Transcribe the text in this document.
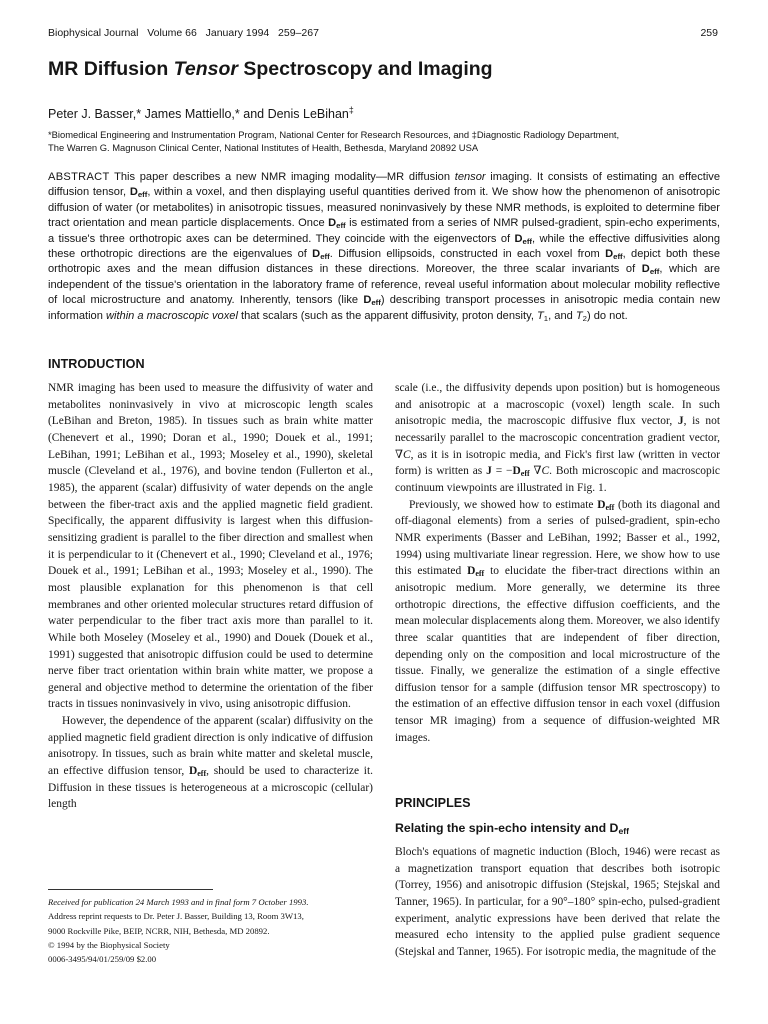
Biophysical Journal Volume 66 January 1994 259–267	259
MR Diffusion Tensor Spectroscopy and Imaging
Peter J. Basser,* James Mattiello,* and Denis LeBihan‡
*Biomedical Engineering and Instrumentation Program, National Center for Research Resources, and ‡Diagnostic Radiology Department,
The Warren G. Magnuson Clinical Center, National Institutes of Health, Bethesda, Maryland 20892 USA

ABSTRACT This paper describes a new NMR imaging modality—MR diffusion tensor imaging. It consists of estimating an effective diffusion tensor, $D_{eff}$, within a voxel, and then displaying useful quantities derived from it. We show how the phenomenon of anisotropic diffusion of water (or metabolites) in anisotropic tissues, measured noninvasively by these NMR methods, is exploited to determine fiber tract orientation and mean particle displacements. Once $D_{eff}$ is estimated from a series of NMR pulsed-gradient, spin-echo experiments, a tissue's three orthotropic axes can be determined. They coincide with the eigenvectors of $D_{eff}$, while the effective diffusivities along these orthotropic directions are the eigenvalues of $D_{eff}$. Diffusion ellipsoids, constructed in each voxel from $D_{eff}$, depict both these orthotropic axes and the mean diffusion distances in these directions. Moreover, the three scalar invariants of $D_{eff}$, which are independent of the tissue's orientation in the laboratory frame of reference, reveal useful information about molecular mobility reflective of local microstructure and anatomy. Inherently, tensors (like $D_{eff}$) describing transport processes in anisotropic media contain new information within a macroscopic voxel that scalars (such as the apparent diffusivity, proton density, $T_1$, and $T_2$) do not.

INTRODUCTION

NMR imaging has been used to measure the diffusivity of water and metabolites noninvasively in vivo at microscopic length scales (LeBihan and Breton, 1985). In tissues such as brain white matter (Chenevert et al., 1990; Doran et al., 1990; Douek et al., 1991; LeBihan, 1991; LeBihan et al., 1993; Moseley et al., 1990), skeletal muscle (Cleveland et al., 1976), and bovine tendon (Fullerton et al., 1985), the apparent (scalar) diffusivity of water depends on the angle between the fiber-tract axis and the applied magnetic field gradient. Specifically, the apparent diffusivity is largest when this diffusion-sensitizing gradient is parallel to the fiber direction and smallest when it is perpendicular to it (Chenevert et al., 1990; Cleveland et al., 1976; Douek et al., 1991; LeBihan et al., 1993; Moseley et al., 1990). The most plausible explanation for this phenomenon is that cell membranes and other oriented molecular structures retard diffusion of water perpendicular to the fiber tract axis more than parallel to it. While both Moseley (Moseley et al., 1990) and Douek (Douek et al., 1991) suggested that anisotropic diffusion could be used to determine nerve fiber tract orientation within brain white matter, we propose a general and objective method to determine the orientation of the fiber tracts in tissues noninvasively in vivo, using anisotropic diffusion.

However, the dependence of the apparent (scalar) diffusivity on the applied magnetic field gradient direction is only indicative of diffusion anisotropy. In tissues, such as brain white matter and skeletal muscle, an effective diffusion tensor, $D_{eff}$, should be used to characterize it. Diffusion in these tissues is heterogeneous at a microscopic (cellular) length

Received for publication 24 March 1993 and in final form 7 October 1993.
Address reprint requests to Dr. Peter J. Basser, Building 13, Room 3W13,
9000 Rockville Pike, BEIP, NCRR, NIH, Bethesda, MD 20892.
© 1994 by the Biophysical Society
0006-3495/94/01/259/09 $2.00

scale (i.e., the diffusivity depends upon position) but is homogeneous and anisotropic at a macroscopic (voxel) length scale. In such anisotropic media, the macroscopic diffusive flux vector, J, is not necessarily parallel to the macroscopic concentration gradient vector, ∇C, as it is in isotropic media, and Fick's first law (written in vector form) is written as $J = -D_{eff}$ ∇C. Both microscopic and macroscopic continuum viewpoints are illustrated in Fig. 1.

Previously, we showed how to estimate $D_{eff}$ (both its diagonal and off-diagonal elements) from a series of pulsed-gradient, spin-echo NMR experiments (Basser and LeBihan, 1992; Basser et al., 1992, 1994) using multivariate linear regression. Here, we show how to use this estimated $D_{eff}$ to elucidate the fiber-tract directions within an anisotropic medium. More generally, we determine its three orthotropic directions, the effective diffusion coefficients, and the mean molecular displacements along them. Moreover, we also identify three scalar quantities that are independent of fiber direction, depending only on the composition and local microstructure of the tissue. Finally, we generalize the estimation of a single effective diffusion tensor for a sample (diffusion tensor MR spectroscopy) to the estimation of an effective diffusion tensor in each voxel (diffusion tensor MR imaging) from a sequence of diffusion-weighted MR images.

PRINCIPLES
Relating the spin-echo intensity and $D_{eff}$

Bloch's equations of magnetic induction (Bloch, 1946) were recast as a magnetization transport equation that describes both isotropic (Torrey, 1956) and anisotropic diffusion (Stejskal, 1965; Stejskal and Tanner, 1965). In particular, for a 90°–180° spin-echo, pulsed-gradient experiment, analytic expressions have been derived that relate the measured echo intensity to the applied pulse gradient sequence (Stejskal and Tanner, 1965). For isotropic media, the magnitude of the
